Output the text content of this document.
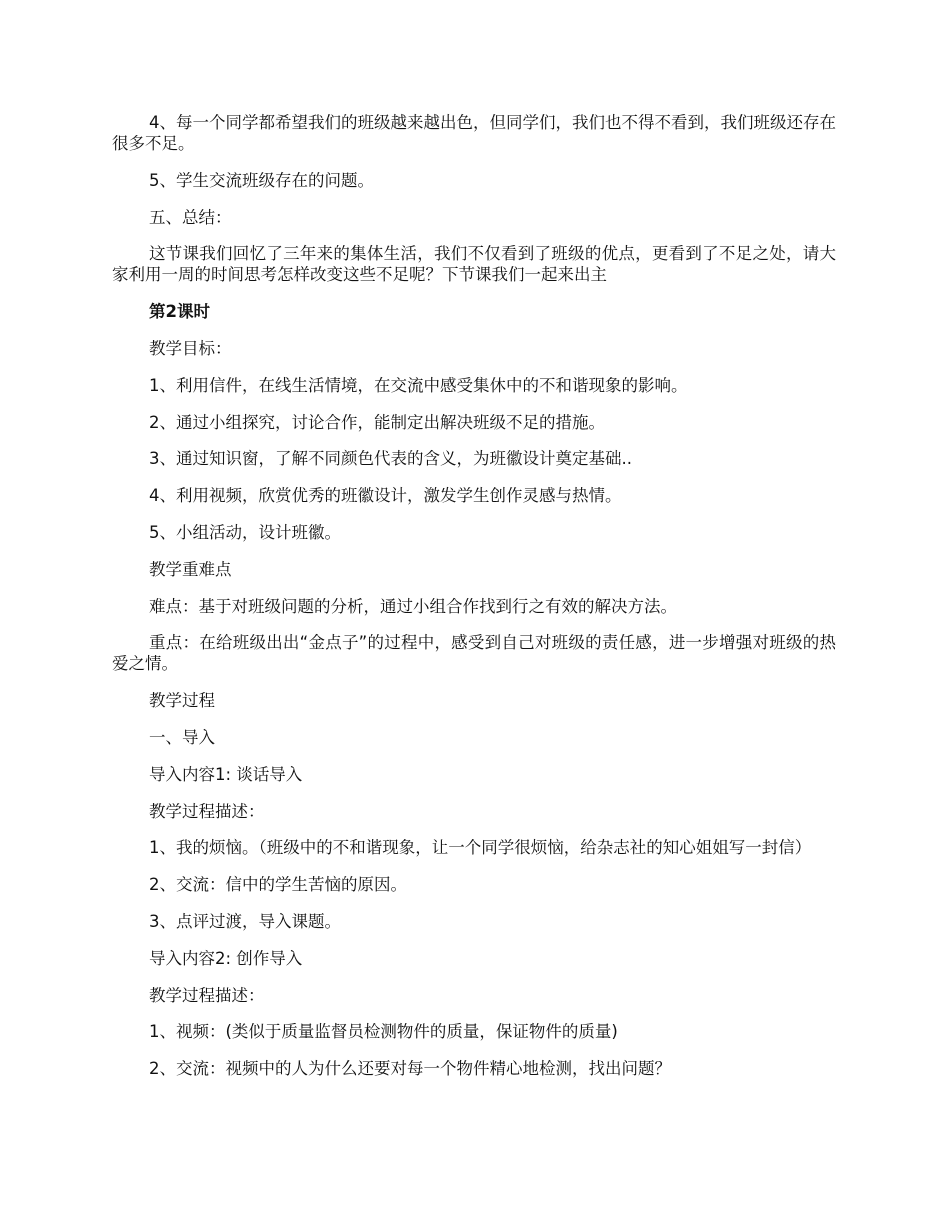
4、每一个同学都希望我们的班级越来越出色，但同学们，我们也不得不看到，我们班级还存在很多不足。

5、学生交流班级存在的问题。

五、总结：

这节课我们回忆了三年来的集体生活，我们不仅看到了班级的优点，更看到了不足之处，请大家利用一周的时间思考怎样改变这些不足呢？下节课我们一起来出主

第2课时

教学目标：

1、利用信件，在线生活情境，在交流中感受集休中的不和谐现象的影响。

2、通过小组探究，讨论合作，能制定出解决班级不足的措施。

3、通过知识窗，了解不同颜色代表的含义，为班徽设计奠定基础..

4、利用视频，欣赏优秀的班徽设计，激发学生创作灵感与热情。

5、小组活动，设计班徽。

教学重难点

难点：基于对班级问题的分析，通过小组合作找到行之有效的解决方法。

重点：在给班级出出“金点子”的过程中，感受到自己对班级的责任感，进一步增强对班级的热爱之情。

教学过程

一、导入

导入内容1: 谈话导入

教学过程描述：

1、我的烦恼。（班级中的不和谐现象，让一个同学很烦恼，给杂志社的知心姐姐写一封信）

2、交流：信中的学生苦恼的原因。

3、点评过渡，导入课题。

导入内容2: 创作导入

教学过程描述：

1、视频：(类似于质量监督员检测物件的质量，保证物件的质量)

2、交流：视频中的人为什么还要对每一个物件精心地检测，找出问题？
